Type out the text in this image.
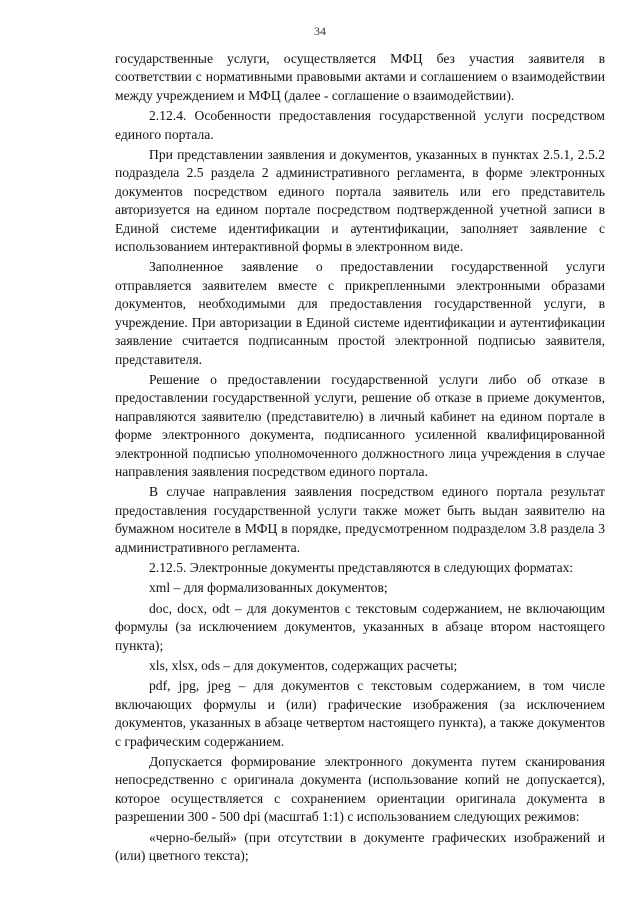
34

государственные услуги, осуществляется МФЦ без участия заявителя в соответствии с нормативными правовыми актами и соглашением о взаимодействии между учреждением и МФЦ (далее - соглашение о взаимодействии).

2.12.4. Особенности предоставления государственной услуги посредством единого портала.

При представлении заявления и документов, указанных в пунктах 2.5.1, 2.5.2 подраздела 2.5 раздела 2 административного регламента, в форме электронных документов посредством единого портала заявитель или его представитель авторизуется на едином портале посредством подтвержденной учетной записи в Единой системе идентификации и аутентификации, заполняет заявление с использованием интерактивной формы в электронном виде.

Заполненное заявление о предоставлении государственной услуги отправляется заявителем вместе с прикрепленными электронными образами документов, необходимыми для предоставления государственной услуги, в учреждение. При авторизации в Единой системе идентификации и аутентификации заявление считается подписанным простой электронной подписью заявителя, представителя.

Решение о предоставлении государственной услуги либо об отказе в предоставлении государственной услуги, решение об отказе в приеме документов, направляются заявителю (представителю) в личный кабинет на едином портале в форме электронного документа, подписанного усиленной квалифицированной электронной подписью уполномоченного должностного лица учреждения в случае направления заявления посредством единого портала.

В случае направления заявления посредством единого портала результат предоставления государственной услуги также может быть выдан заявителю на бумажном носителе в МФЦ в порядке, предусмотренном подразделом 3.8 раздела 3 административного регламента.

2.12.5. Электронные документы представляются в следующих форматах:

xml – для формализованных документов;

doc, docx, odt – для документов с текстовым содержанием, не включающим формулы (за исключением документов, указанных в абзаце втором настоящего пункта);

xls, xlsx, ods – для документов, содержащих расчеты;

pdf, jpg, jpeg – для документов с текстовым содержанием, в том числе включающих формулы и (или) графические изображения (за исключением документов, указанных в абзаце четвертом настоящего пункта), а также документов с графическим содержанием.

Допускается формирование электронного документа путем сканирования непосредственно с оригинала документа (использование копий не допускается), которое осуществляется с сохранением ориентации оригинала документа в разрешении 300 - 500 dpi (масштаб 1:1) с использованием следующих режимов:

«черно-белый» (при отсутствии в документе графических изображений и (или) цветного текста);
